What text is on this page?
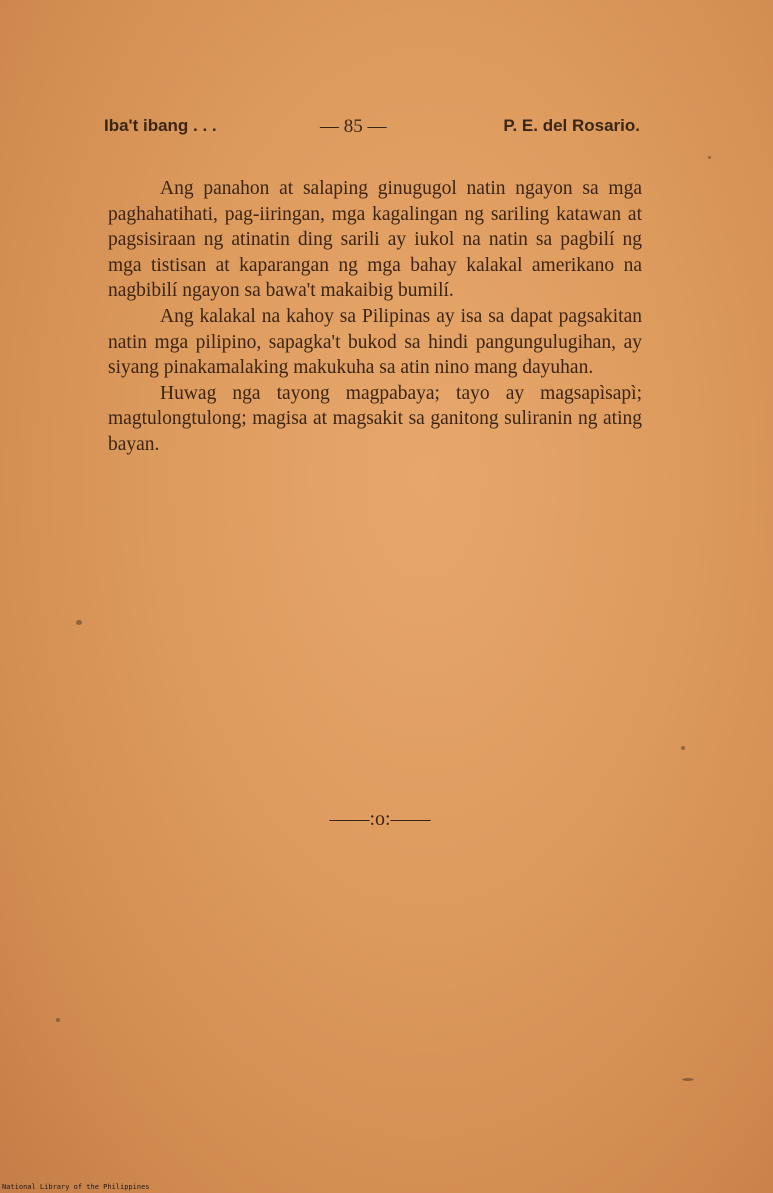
Iba't ibang . . .	— 85 —	P. E. del Rosario.

Ang panahon at salaping ginugugol natin ngayon sa mga paghahatihati, pag-iiringan, mga kagalingan ng sariling katawan at pagsisiraan ng atinatin ding sarili ay iukol na natin sa pagbilí ng mga tistisan at kaparangan ng mga bahay kalakal amerikano na nagbibilí ngayon sa bawa't makaibig bumilí.

Ang kalakal na kahoy sa Pilipinas ay isa sa dapat pagsakitan natin mga pilipino, sapagka't bukod sa hindi pangungulugihan, ay siyang pinakamalaking makukuha sa atin nino mang dayuhan.

Huwag nga tayong magpabaya; tayo ay magsapìsapì; magtulongtulong; magisa at magsakit sa ganitong suliranin ng ating bayan.

——:o:——
National Library of the Philippines
